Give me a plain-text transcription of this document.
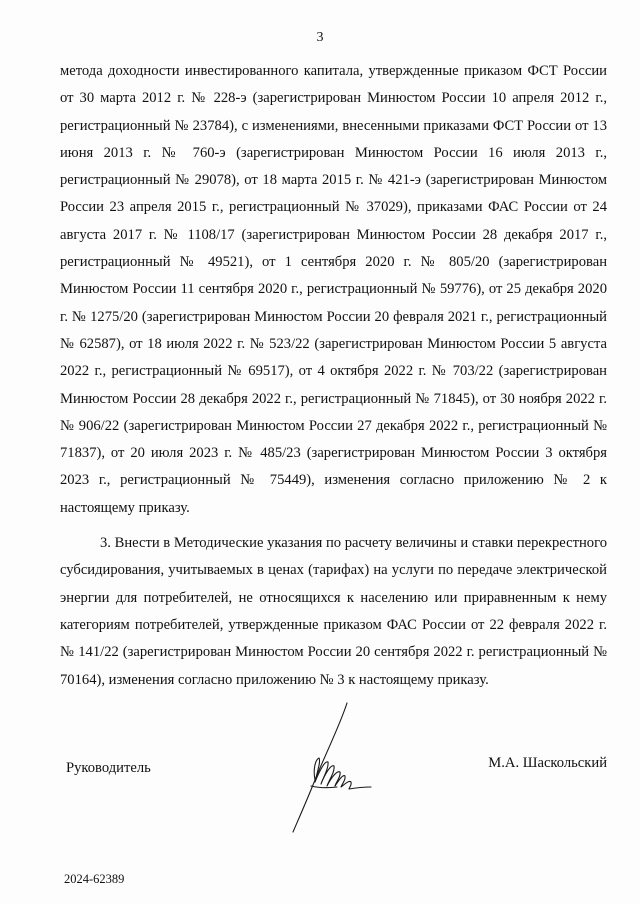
3

метода доходности инвестированного капитала, утвержденные приказом ФСТ России от 30 марта 2012 г. № 228-э (зарегистрирован Минюстом России 10 апреля 2012 г., регистрационный № 23784), с изменениями, внесенными приказами ФСТ России от 13 июня 2013 г. № 760-э (зарегистрирован Минюстом России 16 июля 2013 г., регистрационный № 29078), от 18 марта 2015 г. № 421-э (зарегистрирован Минюстом России 23 апреля 2015 г., регистрационный № 37029), приказами ФАС России от 24 августа 2017 г. № 1108/17 (зарегистрирован Минюстом России 28 декабря 2017 г., регистрационный № 49521), от 1 сентября 2020 г. № 805/20 (зарегистрирован Минюстом России 11 сентября 2020 г., регистрационный № 59776), от 25 декабря 2020 г. № 1275/20 (зарегистрирован Минюстом России 20 февраля 2021 г., регистрационный № 62587), от 18 июля 2022 г. № 523/22 (зарегистрирован Минюстом России 5 августа 2022 г., регистрационный № 69517), от 4 октября 2022 г. № 703/22 (зарегистрирован Минюстом России 28 декабря 2022 г., регистрационный № 71845), от 30 ноября 2022 г. № 906/22 (зарегистрирован Минюстом России 27 декабря 2022 г., регистрационный № 71837), от 20 июля 2023 г. № 485/23 (зарегистрирован Минюстом России 3 октября 2023 г., регистрационный № 75449), изменения согласно приложению № 2 к настоящему приказу.

3. Внести в Методические указания по расчету величины и ставки перекрестного субсидирования, учитываемых в ценах (тарифах) на услуги по передаче электрической энергии для потребителей, не относящихся к населению или приравненным к нему категориям потребителей, утвержденные приказом ФАС России от 22 февраля 2022 г. № 141/22 (зарегистрирован Минюстом России 20 сентября 2022 г. регистрационный № 70164), изменения согласно приложению № 3 к настоящему приказу.

Руководитель	М.А. Шаскольский
2024-62389
